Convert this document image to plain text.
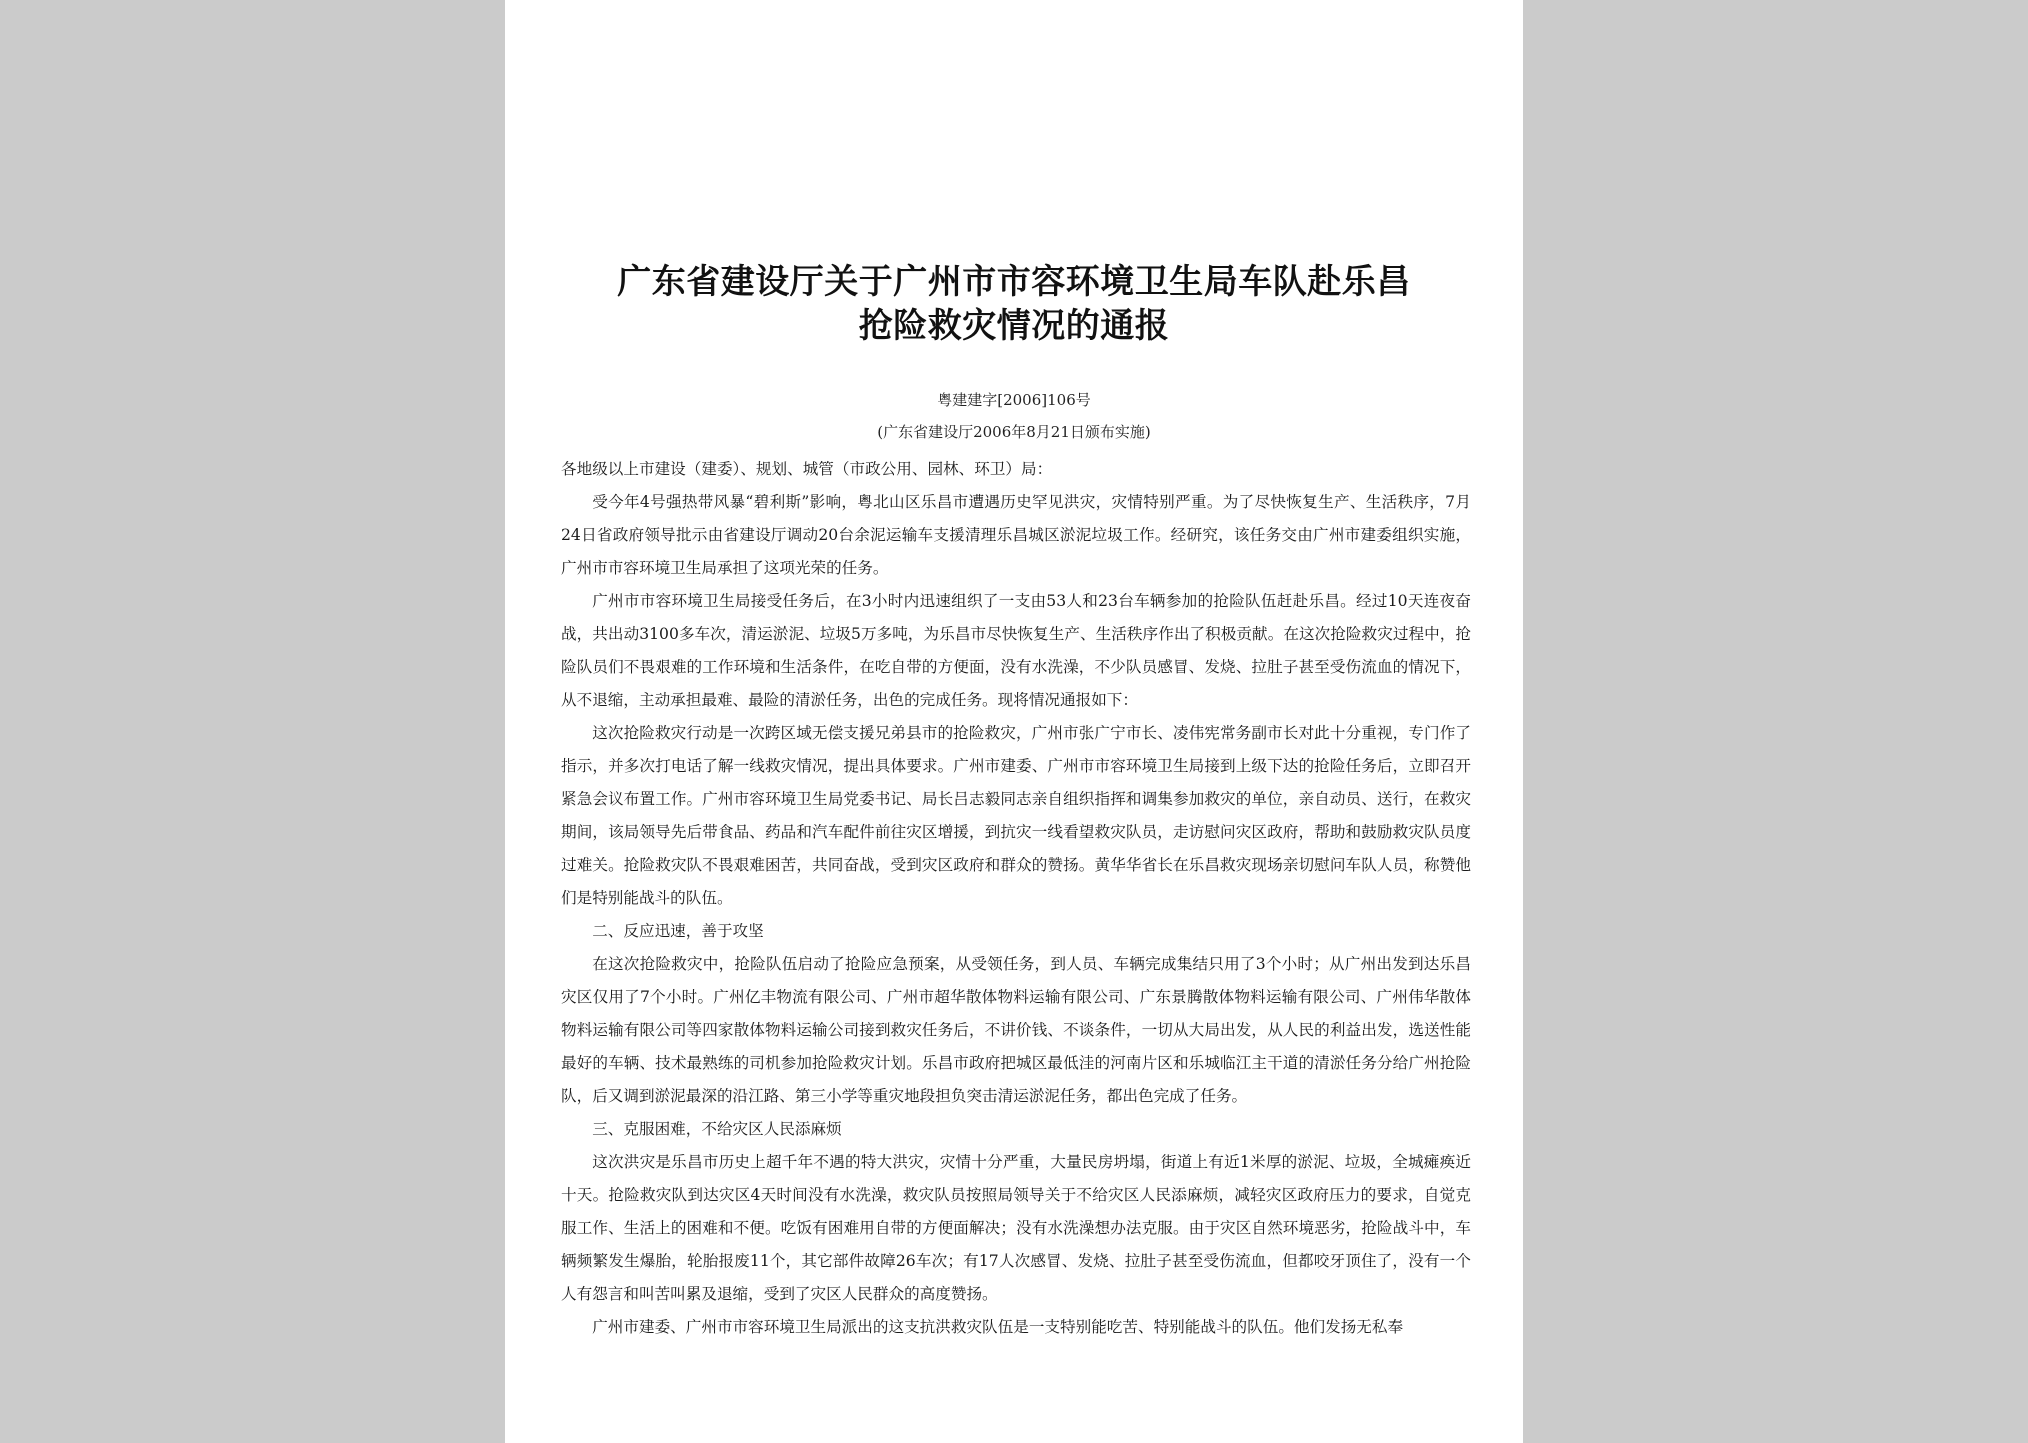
广东省建设厅关于广州市市容环境卫生局车队赴乐昌
抢险救灾情况的通报
粤建建字[2006]106号
(广东省建设厅2006年8月21日颁布实施)

各地级以上市建设（建委）、规划、城管（市政公用、园林、环卫）局：

受今年4号强热带风暴“碧利斯”影响，粤北山区乐昌市遭遇历史罕见洪灾，灾情特别严重。为了尽快恢复生产、生活秩序，7月24日省政府领导批示由省建设厅调动20台余泥运输车支援清理乐昌城区淤泥垃圾工作。经研究，该任务交由广州市建委组织实施，广州市市容环境卫生局承担了这项光荣的任务。

广州市市容环境卫生局接受任务后，在3小时内迅速组织了一支由53人和23台车辆参加的抢险队伍赶赴乐昌。经过10天连夜奋战，共出动3100多车次，清运淤泥、垃圾5万多吨，为乐昌市尽快恢复生产、生活秩序作出了积极贡献。在这次抢险救灾过程中，抢险队员们不畏艰难的工作环境和生活条件，在吃自带的方便面，没有水洗澡，不少队员感冒、发烧、拉肚子甚至受伤流血的情况下，从不退缩，主动承担最难、最险的清淤任务，出色的完成任务。现将情况通报如下：

这次抢险救灾行动是一次跨区域无偿支援兄弟县市的抢险救灾，广州市张广宁市长、凌伟宪常务副市长对此十分重视，专门作了指示，并多次打电话了解一线救灾情况，提出具体要求。广州市建委、广州市市容环境卫生局接到上级下达的抢险任务后，立即召开紧急会议布置工作。广州市容环境卫生局党委书记、局长吕志毅同志亲自组织指挥和调集参加救灾的单位，亲自动员、送行，在救灾期间，该局领导先后带食品、药品和汽车配件前往灾区增援，到抗灾一线看望救灾队员，走访慰问灾区政府，帮助和鼓励救灾队员度过难关。抢险救灾队不畏艰难困苦，共同奋战，受到灾区政府和群众的赞扬。黄华华省长在乐昌救灾现场亲切慰问车队人员，称赞他们是特别能战斗的队伍。

二、反应迅速，善于攻坚

在这次抢险救灾中，抢险队伍启动了抢险应急预案，从受领任务，到人员、车辆完成集结只用了3个小时；从广州出发到达乐昌灾区仅用了7个小时。广州亿丰物流有限公司、广州市超华散体物料运输有限公司、广东景腾散体物料运输有限公司、广州伟华散体物料运输有限公司等四家散体物料运输公司接到救灾任务后，不讲价钱、不谈条件，一切从大局出发，从人民的利益出发，选送性能最好的车辆、技术最熟练的司机参加抢险救灾计划。乐昌市政府把城区最低洼的河南片区和乐城临江主干道的清淤任务分给广州抢险队，后又调到淤泥最深的沿江路、第三小学等重灾地段担负突击清运淤泥任务，都出色完成了任务。

三、克服困难，不给灾区人民添麻烦

这次洪灾是乐昌市历史上超千年不遇的特大洪灾，灾情十分严重，大量民房坍塌，街道上有近1米厚的淤泥、垃圾，全城瘫痪近十天。抢险救灾队到达灾区4天时间没有水洗澡，救灾队员按照局领导关于不给灾区人民添麻烦，减轻灾区政府压力的要求，自觉克服工作、生活上的困难和不便。吃饭有困难用自带的方便面解决；没有水洗澡想办法克服。由于灾区自然环境恶劣，抢险战斗中，车辆频繁发生爆胎，轮胎报废11个，其它部件故障26车次；有17人次感冒、发烧、拉肚子甚至受伤流血，但都咬牙顶住了，没有一个人有怨言和叫苦叫累及退缩，受到了灾区人民群众的高度赞扬。

广州市建委、广州市市容环境卫生局派出的这支抗洪救灾队伍是一支特别能吃苦、特别能战斗的队伍。他们发扬无私奉
